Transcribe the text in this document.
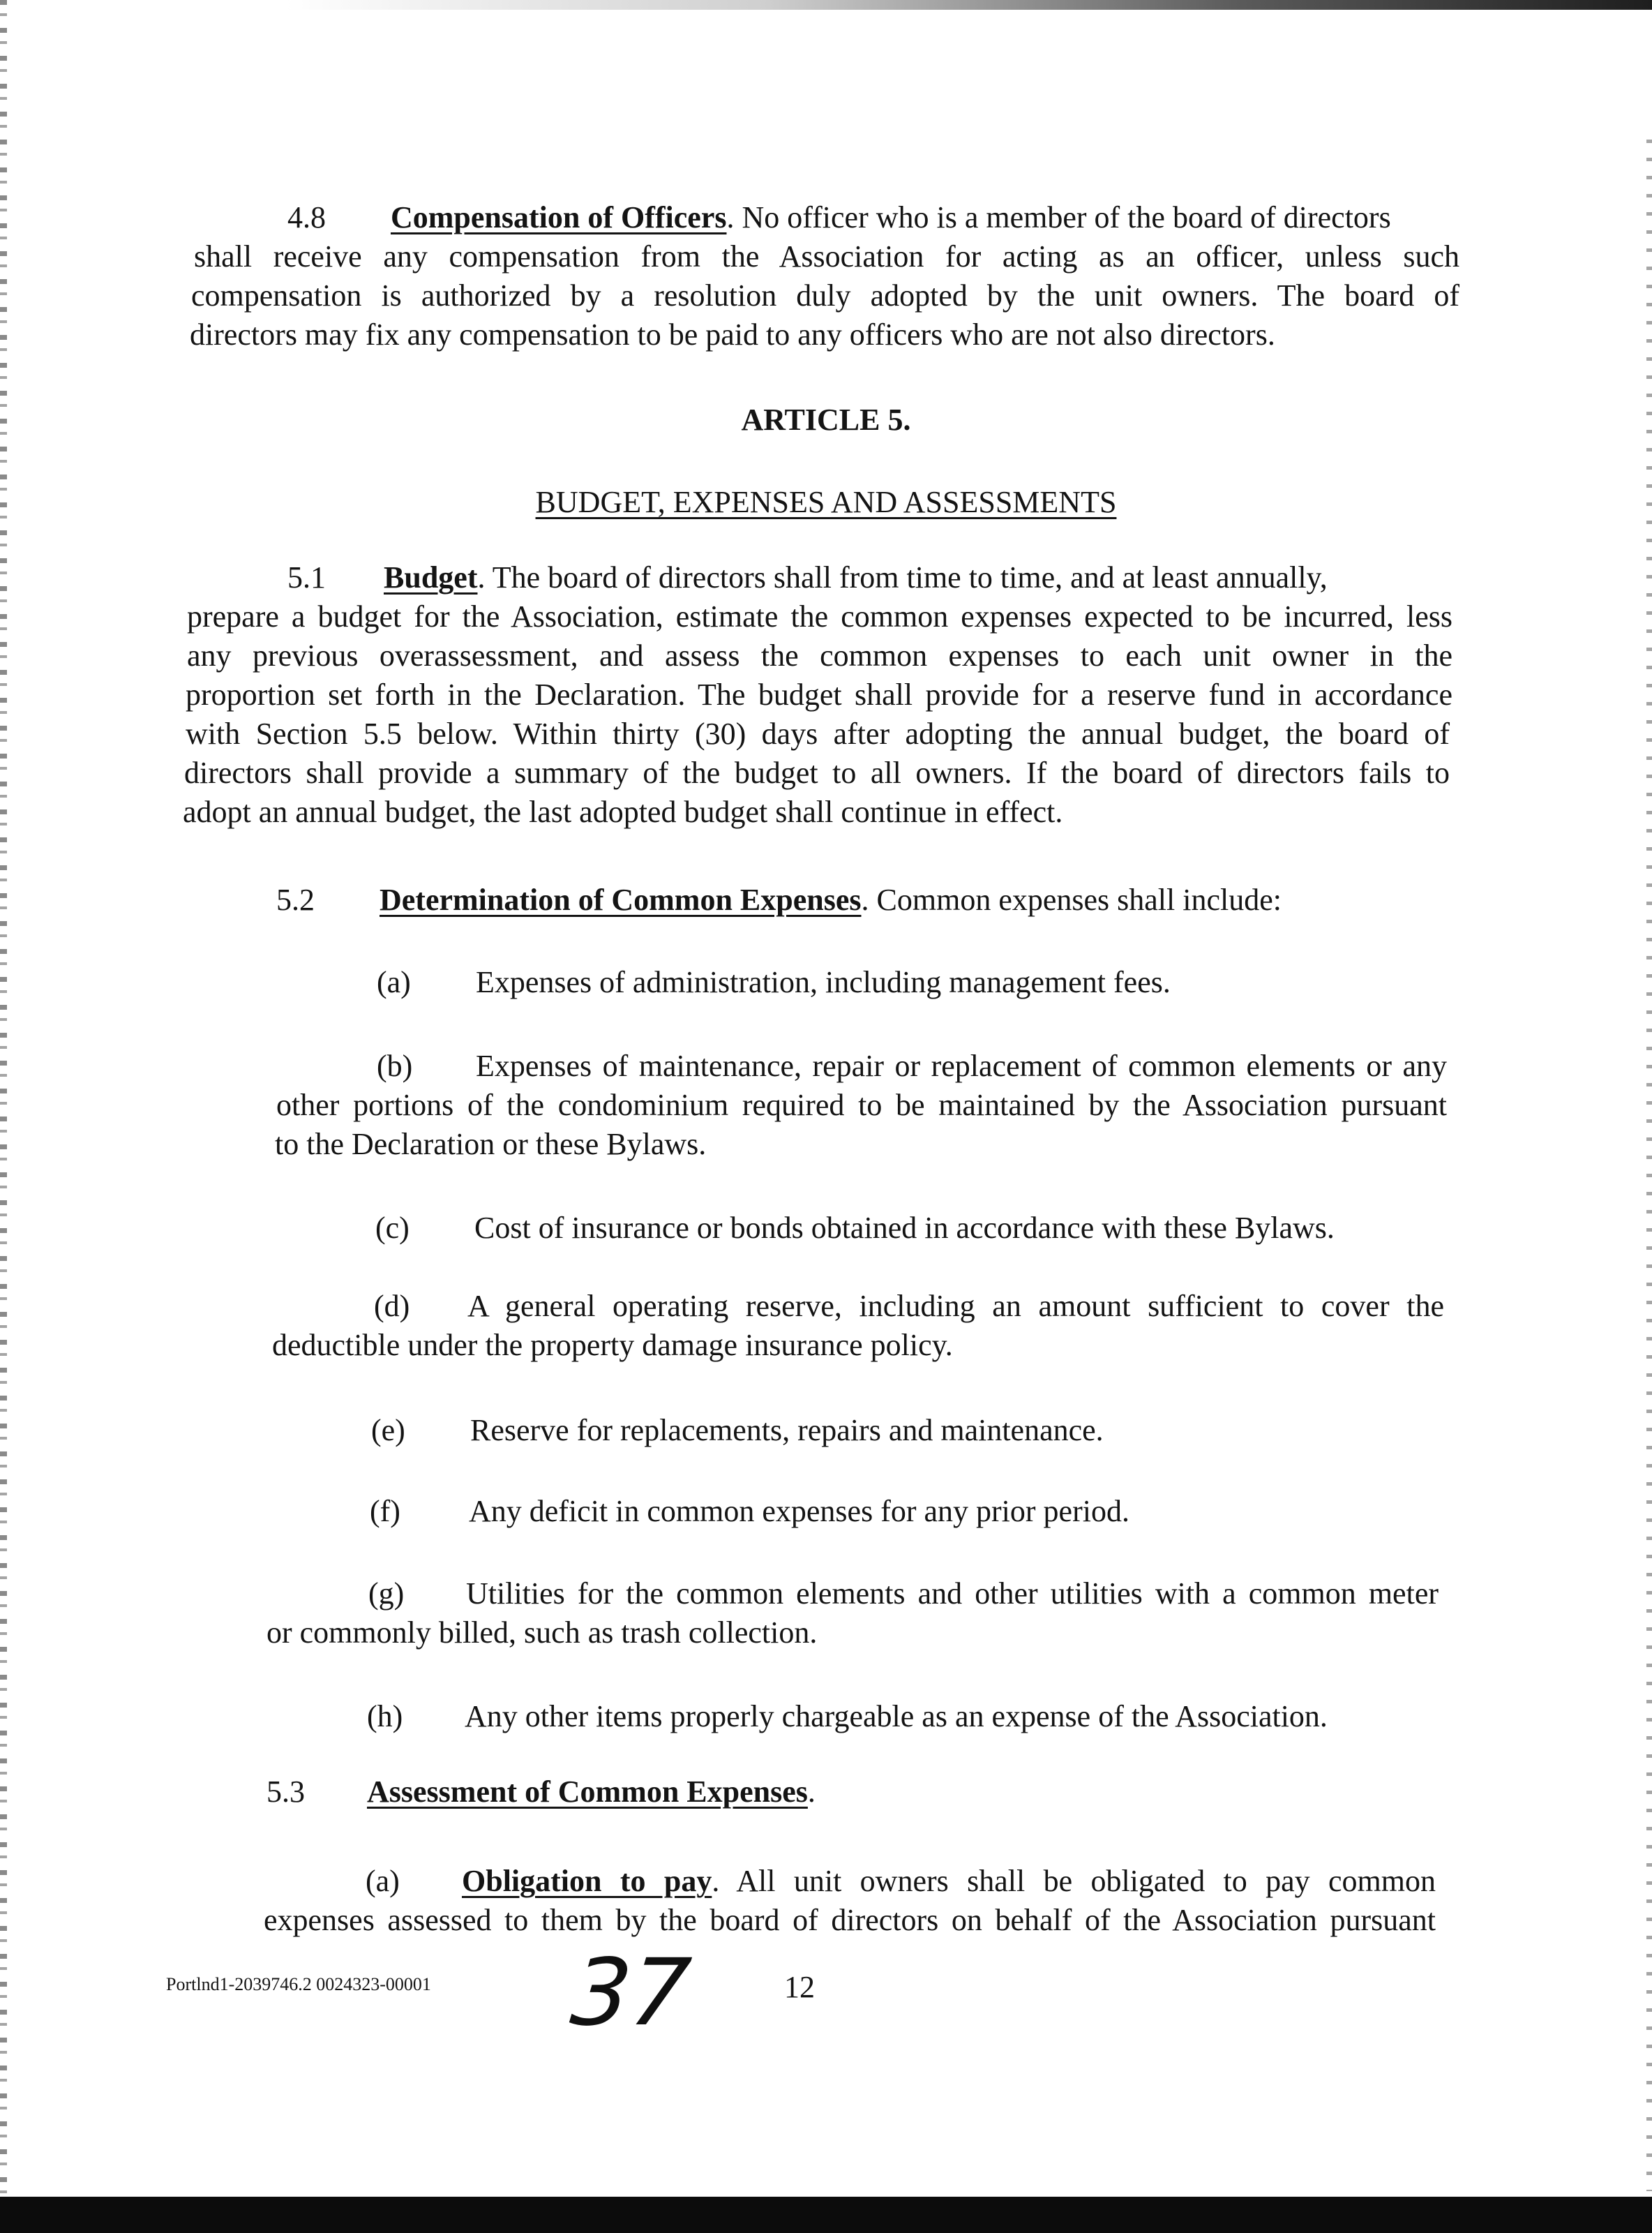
4.8 Compensation of Officers. No officer who is a member of the board of directors
shall receive any compensation from the Association for acting as an officer, unless such
compensation is authorized by a resolution duly adopted by the unit owners. The board of
directors may fix any compensation to be paid to any officers who are not also directors.
ARTICLE 5.
BUDGET, EXPENSES AND ASSESSMENTS
5.1 Budget. The board of directors shall from time to time, and at least annually,
prepare a budget for the Association, estimate the common expenses expected to be incurred, less
any previous overassessment, and assess the common expenses to each unit owner in the
proportion set forth in the Declaration. The budget shall provide for a reserve fund in accordance
with Section 5.5 below. Within thirty (30) days after adopting the annual budget, the board of
directors shall provide a summary of the budget to all owners. If the board of directors fails to
adopt an annual budget, the last adopted budget shall continue in effect.
5.2 Determination of Common Expenses. Common expenses shall include:
(a) Expenses of administration, including management fees.
(b) Expenses of maintenance, repair or replacement of common elements or any
other portions of the condominium required to be maintained by the Association pursuant
to the Declaration or these Bylaws.
(c) Cost of insurance or bonds obtained in accordance with these Bylaws.
(d) A general operating reserve, including an amount sufficient to cover the
deductible under the property damage insurance policy.
(e) Reserve for replacements, repairs and maintenance.
(f) Any deficit in common expenses for any prior period.
(g) Utilities for the common elements and other utilities with a common meter
or commonly billed, such as trash collection.
(h) Any other items properly chargeable as an expense of the Association.
5.3 Assessment of Common Expenses.
(a) Obligation to pay. All unit owners shall be obligated to pay common
expenses assessed to them by the board of directors on behalf of the Association pursuant
Portlnd1-2039746.2 0024323-00001 37	12
